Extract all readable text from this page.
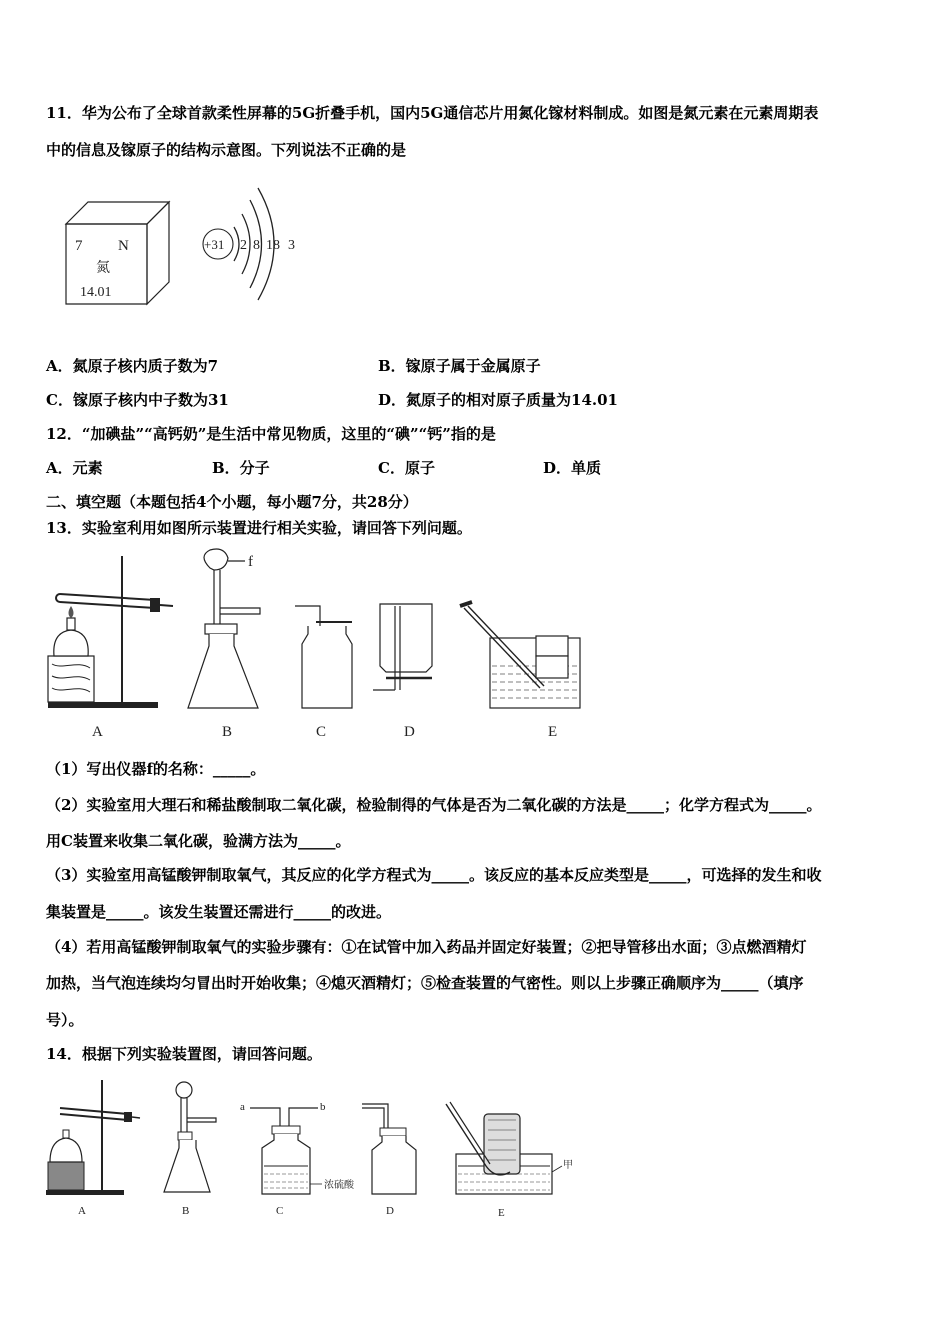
11．华为公布了全球首款柔性屏幕的5G折叠手机，国内5G通信芯片用氮化镓材料制成。如图是氮元素在元素周期表
中的信息及镓原子的结构示意图。下列说法不正确的是
7 N
氮
14.01
+31 2 8 18 3
A．氮原子核内质子数为7	B．镓原子属于金属原子
C．镓原子核内中子数为31	D．氮原子的相对原子质量为14.01
12．“加碘盐”“高钙奶”是生活中常见物质，这里的“碘”“钙”指的是
A．元素	B．分子	C．原子	D．单质
二、填空题（本题包括4个小题，每小题7分，共28分）
13．实验室利用如图所示装置进行相关实验，请回答下列问题。
A
f
B	C	D	E
（1）写出仪器f的名称：_____。
（2）实验室用大理石和稀盐酸制取二氧化碳，检验制得的气体是否为二氧化碳的方法是_____；化学方程式为_____。
用C装置来收集二氧化碳，验满方法为_____。
（3）实验室用高锰酸钾制取氧气，其反应的化学方程式为_____。该反应的基本反应类型是_____，可选择的发生和收
集装置是_____。该发生装置还需进行_____的改进。
（4）若用高锰酸钾制取氧气的实验步骤有：①在试管中加入药品并固定好装置；②把导管移出水面；③点燃酒精灯
加热，当气泡连续均匀冒出时开始收集；④熄灭酒精灯；⑤检查装置的气密性。则以上步骤正确顺序为_____（填序
号）。
14．根据下列实验装置图，请回答问题。
A	B
a	b
浓硫酸
C	D
甲
E
